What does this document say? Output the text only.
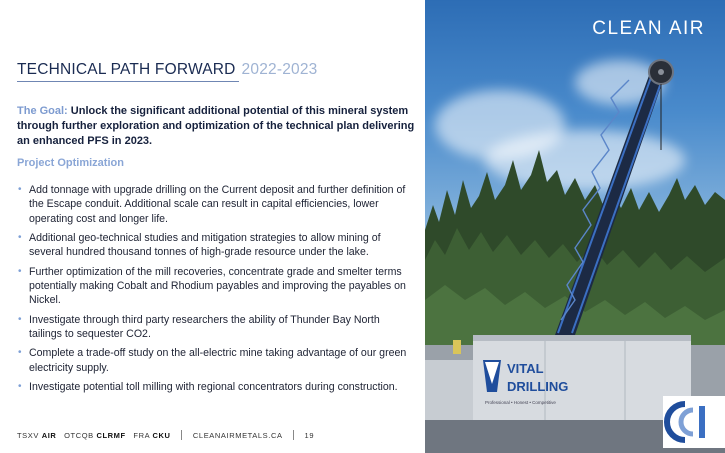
TECHNICAL PATH FORWARD 2022-2023
The Goal: Unlock the significant additional potential of this mineral system through further exploration and optimization of the technical plan delivering an enhanced PFS in 2023.
Project Optimization
• Add tonnage with upgrade drilling on the Current deposit and further definition of the Escape conduit. Additional scale can result in capital efficiencies, lower operating cost and longer life.
• Additional geo-technical studies and mitigation strategies to allow mining of several hundred thousand tonnes of high-grade resource under the lake.
• Further optimization of the mill recoveries, concentrate grade and smelter terms potentially making Cobalt and Rhodium payables and improving the payables on Nickel.
• Investigate through third party researchers the ability of Thunder Bay North tailings to sequester CO2.
• Complete a trade-off study on the all-electric mine taking advantage of our green electricity supply.
• Investigate potential toll milling with regional concentrators during construction.
TSXV AIR OTCQB CLRMF FRA CKU	CLEANAIRMETALS.CA	19
VITAL
DRILLING
Professional • Honest • Competitive
CLEAN AIR
